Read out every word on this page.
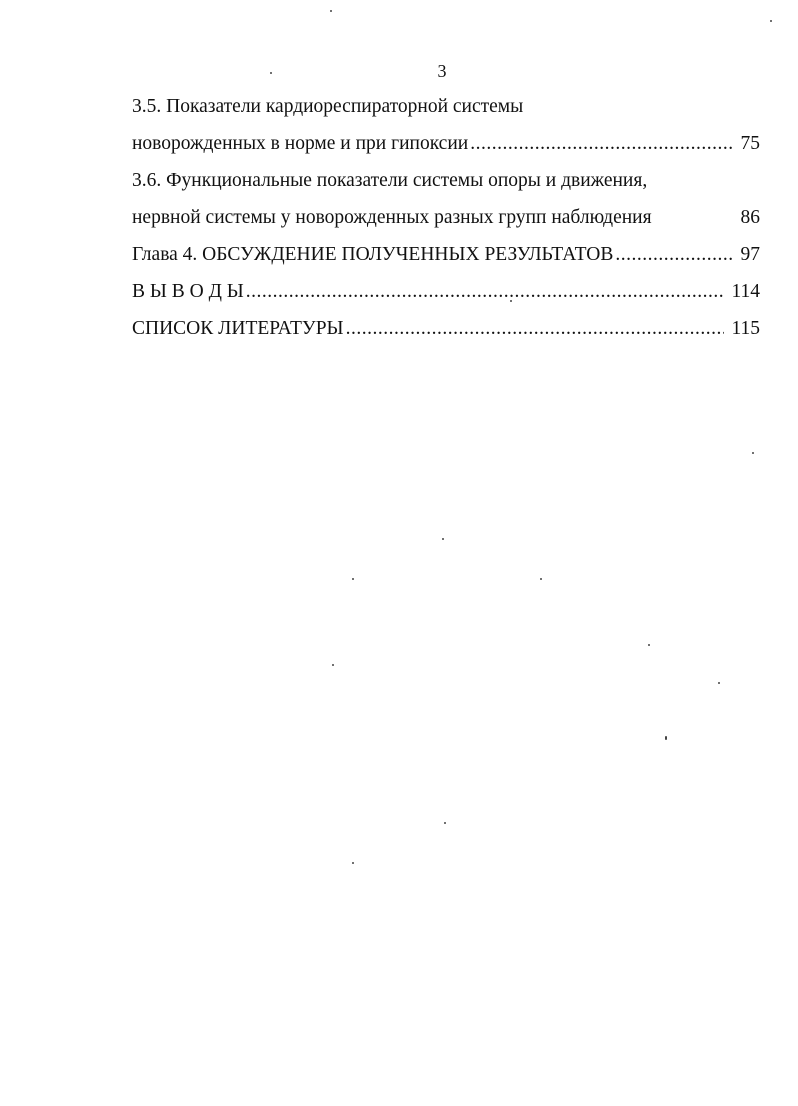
3
3.5. Показатели кардиореспираторной системы
новорожденных в норме и при гипоксии .....	75
3.6. Функциональные показатели системы опоры и движения,
нервной системы у новорожденных разных групп наблюдения	86
Глава 4. ОБСУЖДЕНИЕ ПОЛУЧЕННЫХ РЕЗУЛЬТАТОВ .....	97
В Ы В О Д Ы .....	114
СПИСОК ЛИТЕРАТУРЫ .....	115
